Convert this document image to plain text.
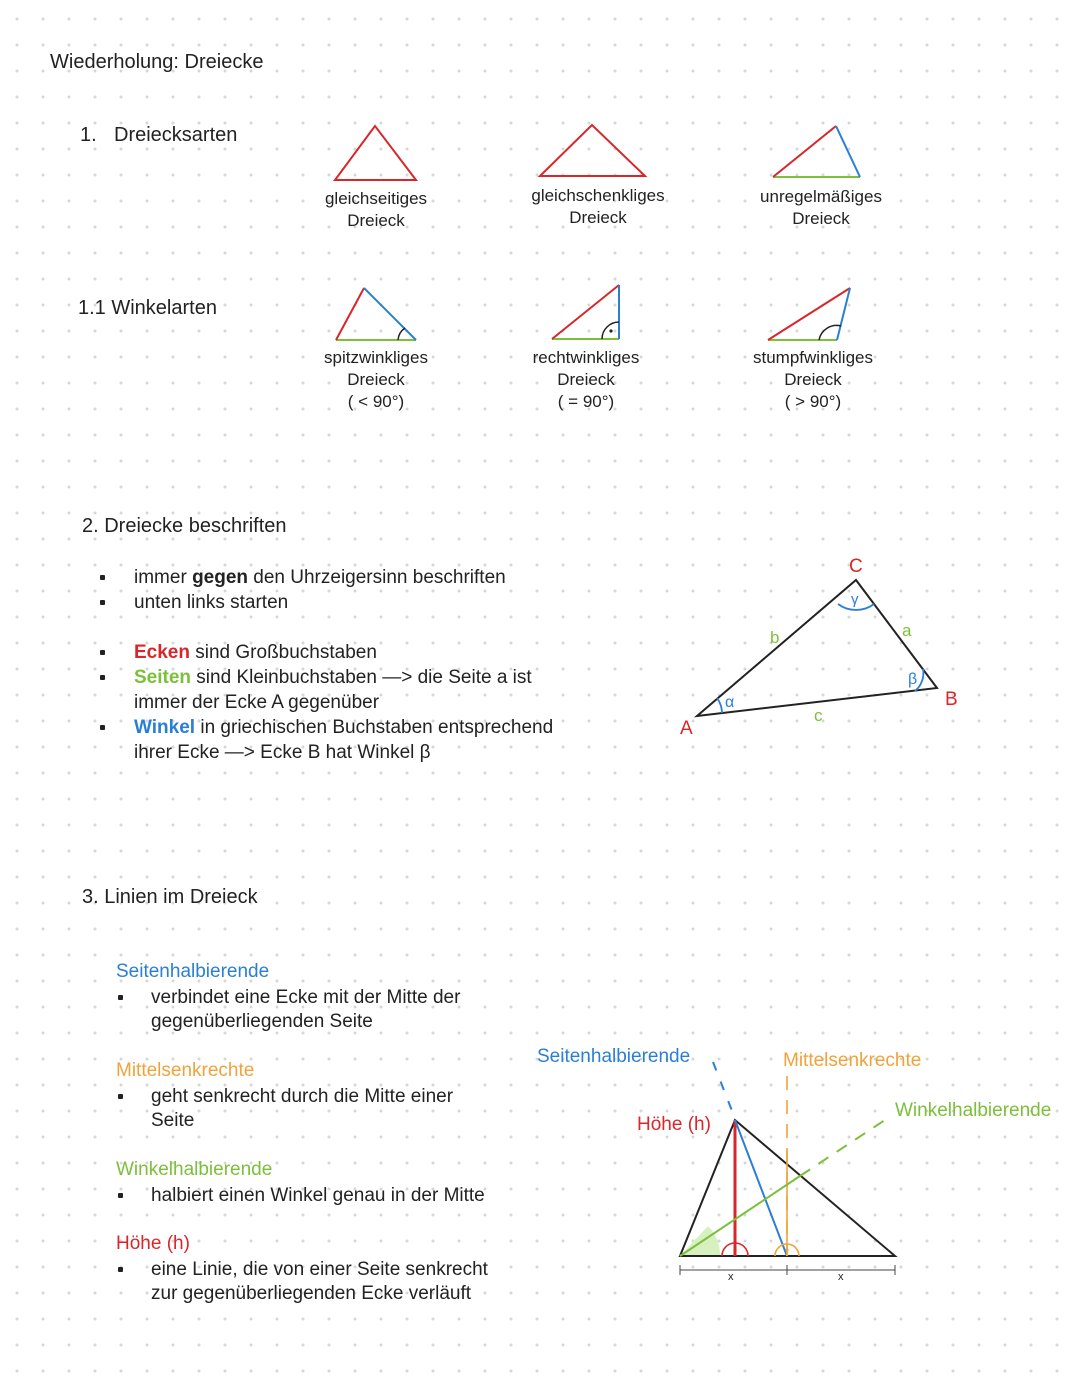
Wiederholung: Dreiecke
1. Dreiecksarten
gleichseitiges
Dreieck
gleichschenkliges
Dreieck
unregelmäßiges
Dreieck
1.1 Winkelarten
spitzwinkliges
Dreieck
( < 90°)
rechtwinkliges
Dreieck
( = 90°)
stumpfwinkliges
Dreieck
( > 90°)
2. Dreiecke beschriften
immer gegen den Uhrzeigersinn beschriften
unten links starten
Ecken sind Großbuchstaben
Seiten sind Kleinbuchstaben —> die Seite a ist
immer der Ecke A gegenüber
Winkel in griechischen Buchstaben entsprechend
ihrer Ecke —> Ecke B hat Winkel β
C
A
B
b	a
c
α
β
γ
3. Linien im Dreieck
Seitenhalbierende
verbindet eine Ecke mit der Mitte der
gegenüberliegenden Seite
Mittelsenkrechte
geht senkrecht durch die Mitte einer
Seite
Winkelhalbierende
halbiert einen Winkel genau in der Mitte
Höhe (h)
eine Linie, die von einer Seite senkrecht
zur gegenüberliegenden Ecke verläuft
Seitenhalbierende	Mittelsenkrechte
Winkelhalbierende
Höhe (h)
x	x
